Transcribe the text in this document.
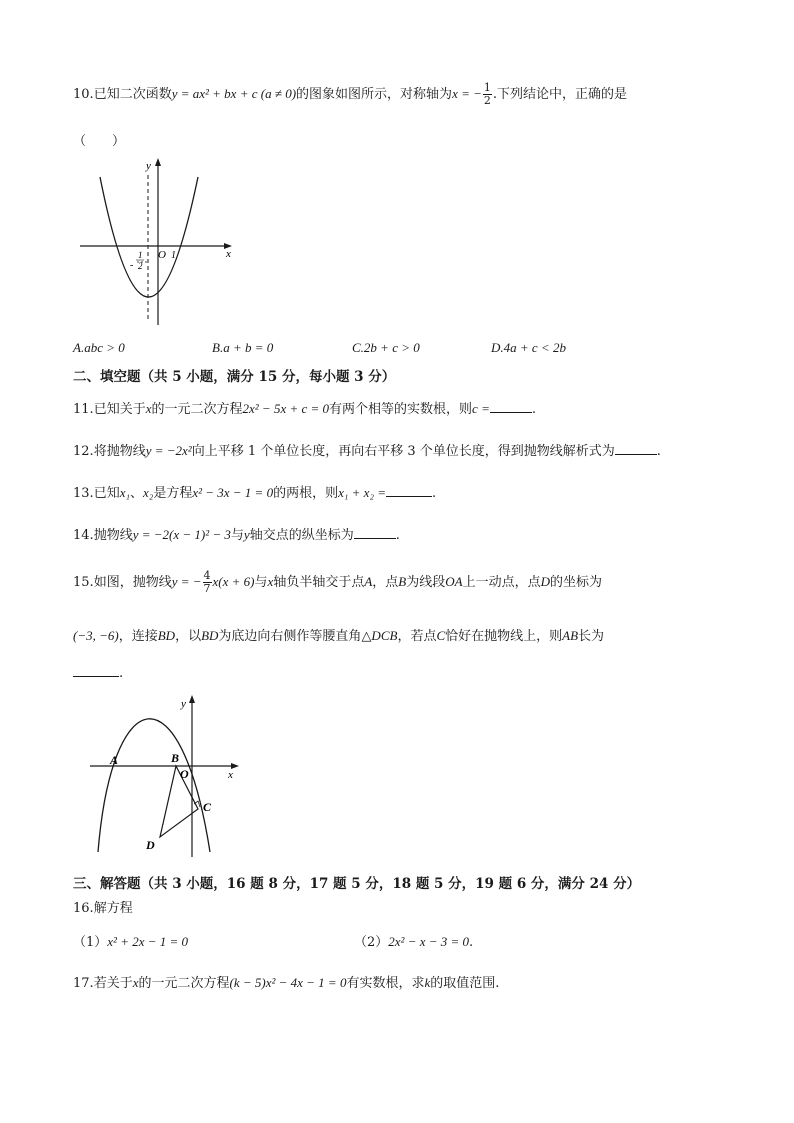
10.已知二次函数y = ax² + bx + c (a ≠ 0)的图象如图所示，对称轴为x = − $\frac{1}{2}$ .下列结论中，正确的是
（　　）
y
x
O 1
-
1
2
A.abc > 0	B.a + b = 0	C.2b + c > 0	D.4a + c < 2b
二、填空题（共 5 小题，满分 15 分，每小题 3 分）
11.已知关于x的一元二次方程2x² − 5x + c = 0有两个相等的实数根，则c =	.
12.将抛物线y = −2x²向上平移 1 个单位长度，再向右平移 3 个单位长度，得到抛物线解析式为	.
13.已知x₁、x₂是方程x² − 3x − 1 = 0的两根，则x₁ + x₂ =	.
14.抛物线y = −2(x − 1)² − 3与y轴交点的纵坐标为	.
15.如图，抛物线y = − $\frac{4}{7} x(x + 6)$与x轴负半轴交于点A，点B为线段OA上一动点，点D的坐标为
(−3, −6)，连接BD，以BD为底边向右侧作等腰直角△DCB，若点C恰好在抛物线上，则AB长为
.
A	B
O
C
D
x
y
三、解答题（共 3 小题，16 题 8 分，17 题 5 分，18 题 5 分，19 题 6 分，满分 24 分）
16.解方程
（1）x² + 2x − 1 = 0	（2）2x² − x − 3 = 0.
17.若关于x的一元二次方程(k − 5)x² − 4x − 1 = 0有实数根，求k的取值范围.
